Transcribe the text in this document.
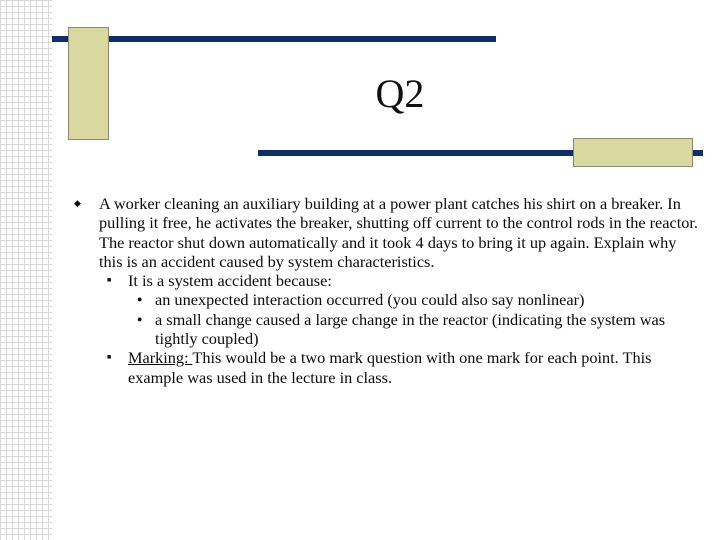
Q2
◆ A worker cleaning an auxiliary building at a power plant catches his shirt on a breaker. In pulling it free, he activates the breaker, shutting off current to the control rods in the reactor. The reactor shut down automatically and it took 4 days to bring it up again. Explain why this is an accident caused by system characteristics.
■ It is a system accident because:
● an unexpected interaction occurred (you could also say nonlinear)
● a small change caused a large change in the reactor (indicating the system was tightly coupled)
■ Marking: This would be a two mark question with one mark for each point. This example was used in the lecture in class.
